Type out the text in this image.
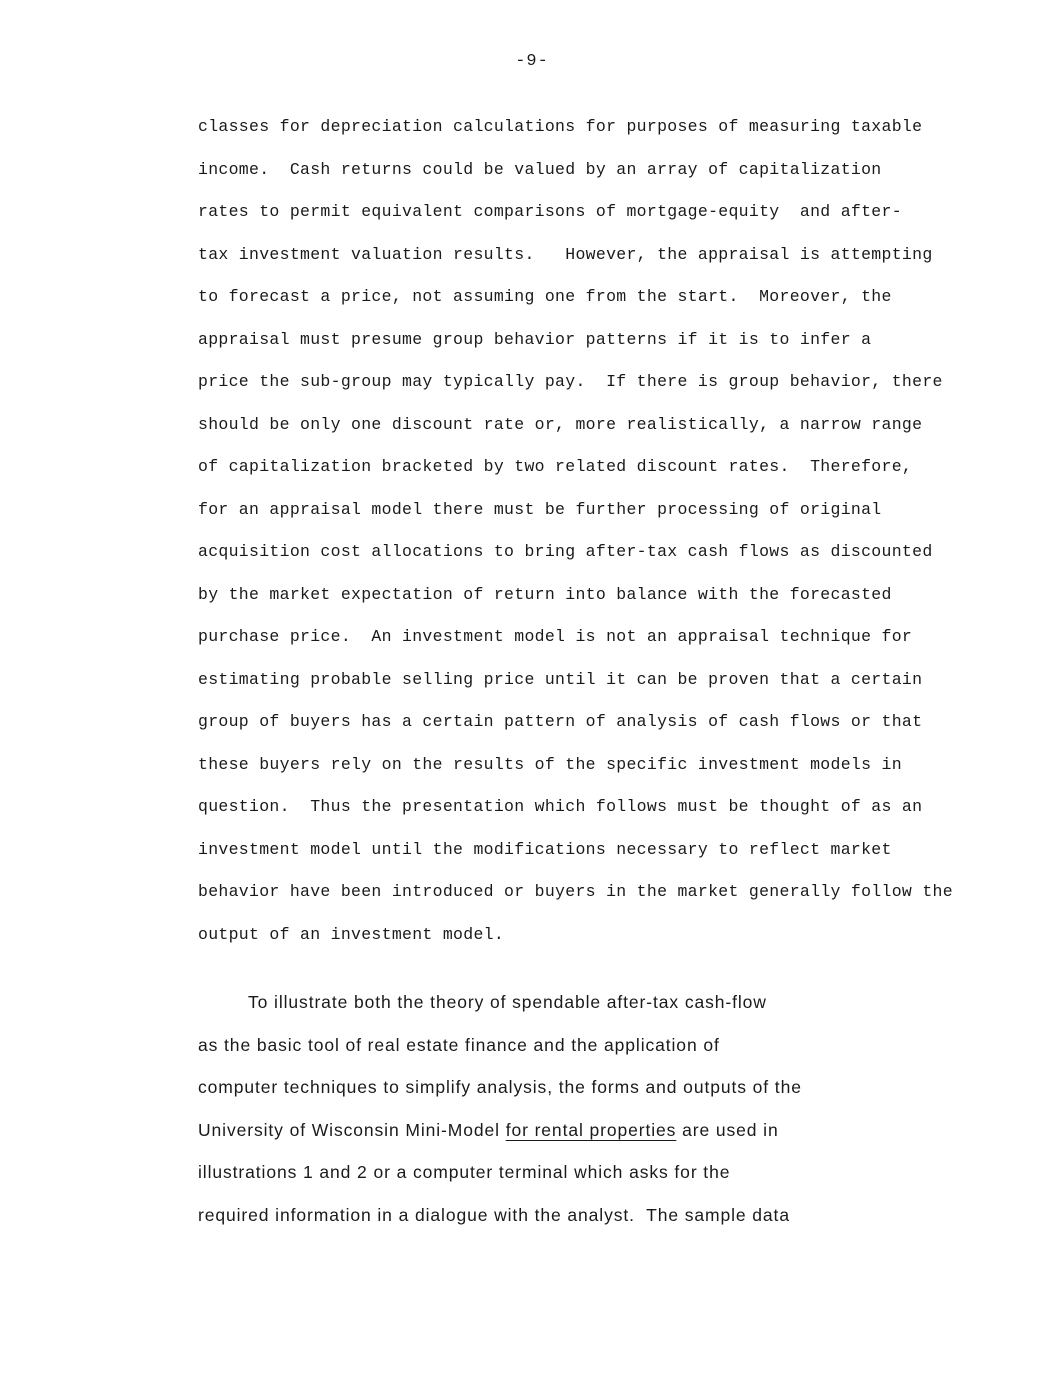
-9-
classes for depreciation calculations for purposes of measuring taxable
income.  Cash returns could be valued by an array of capitalization
rates to permit equivalent comparisons of mortgage-equity  and after-
tax investment valuation results.   However, the appraisal is attempting
to forecast a price, not assuming one from the start.  Moreover, the
appraisal must presume group behavior patterns if it is to infer a
price the sub-group may typically pay.  If there is group behavior, there
should be only one discount rate or, more realistically, a narrow range
of capitalization bracketed by two related discount rates.  Therefore,
for an appraisal model there must be further processing of original
acquisition cost allocations to bring after-tax cash flows as discounted
by the market expectation of return into balance with the forecasted
purchase price.  An investment model is not an appraisal technique for
estimating probable selling price until it can be proven that a certain
group of buyers has a certain pattern of analysis of cash flows or that
these buyers rely on the results of the specific investment models in
question.  Thus the presentation which follows must be thought of as an
investment model until the modifications necessary to reflect market
behavior have been introduced or buyers in the market generally follow the
output of an investment model.
To illustrate both the theory of spendable after-tax cash-flow
as the basic tool of real estate finance and the application of
computer techniques to simplify analysis, the forms and outputs of the
University of Wisconsin Mini-Model for rental properties are used in
illustrations 1 and 2 or a computer terminal which asks for the
required information in a dialogue with the analyst.  The sample data
